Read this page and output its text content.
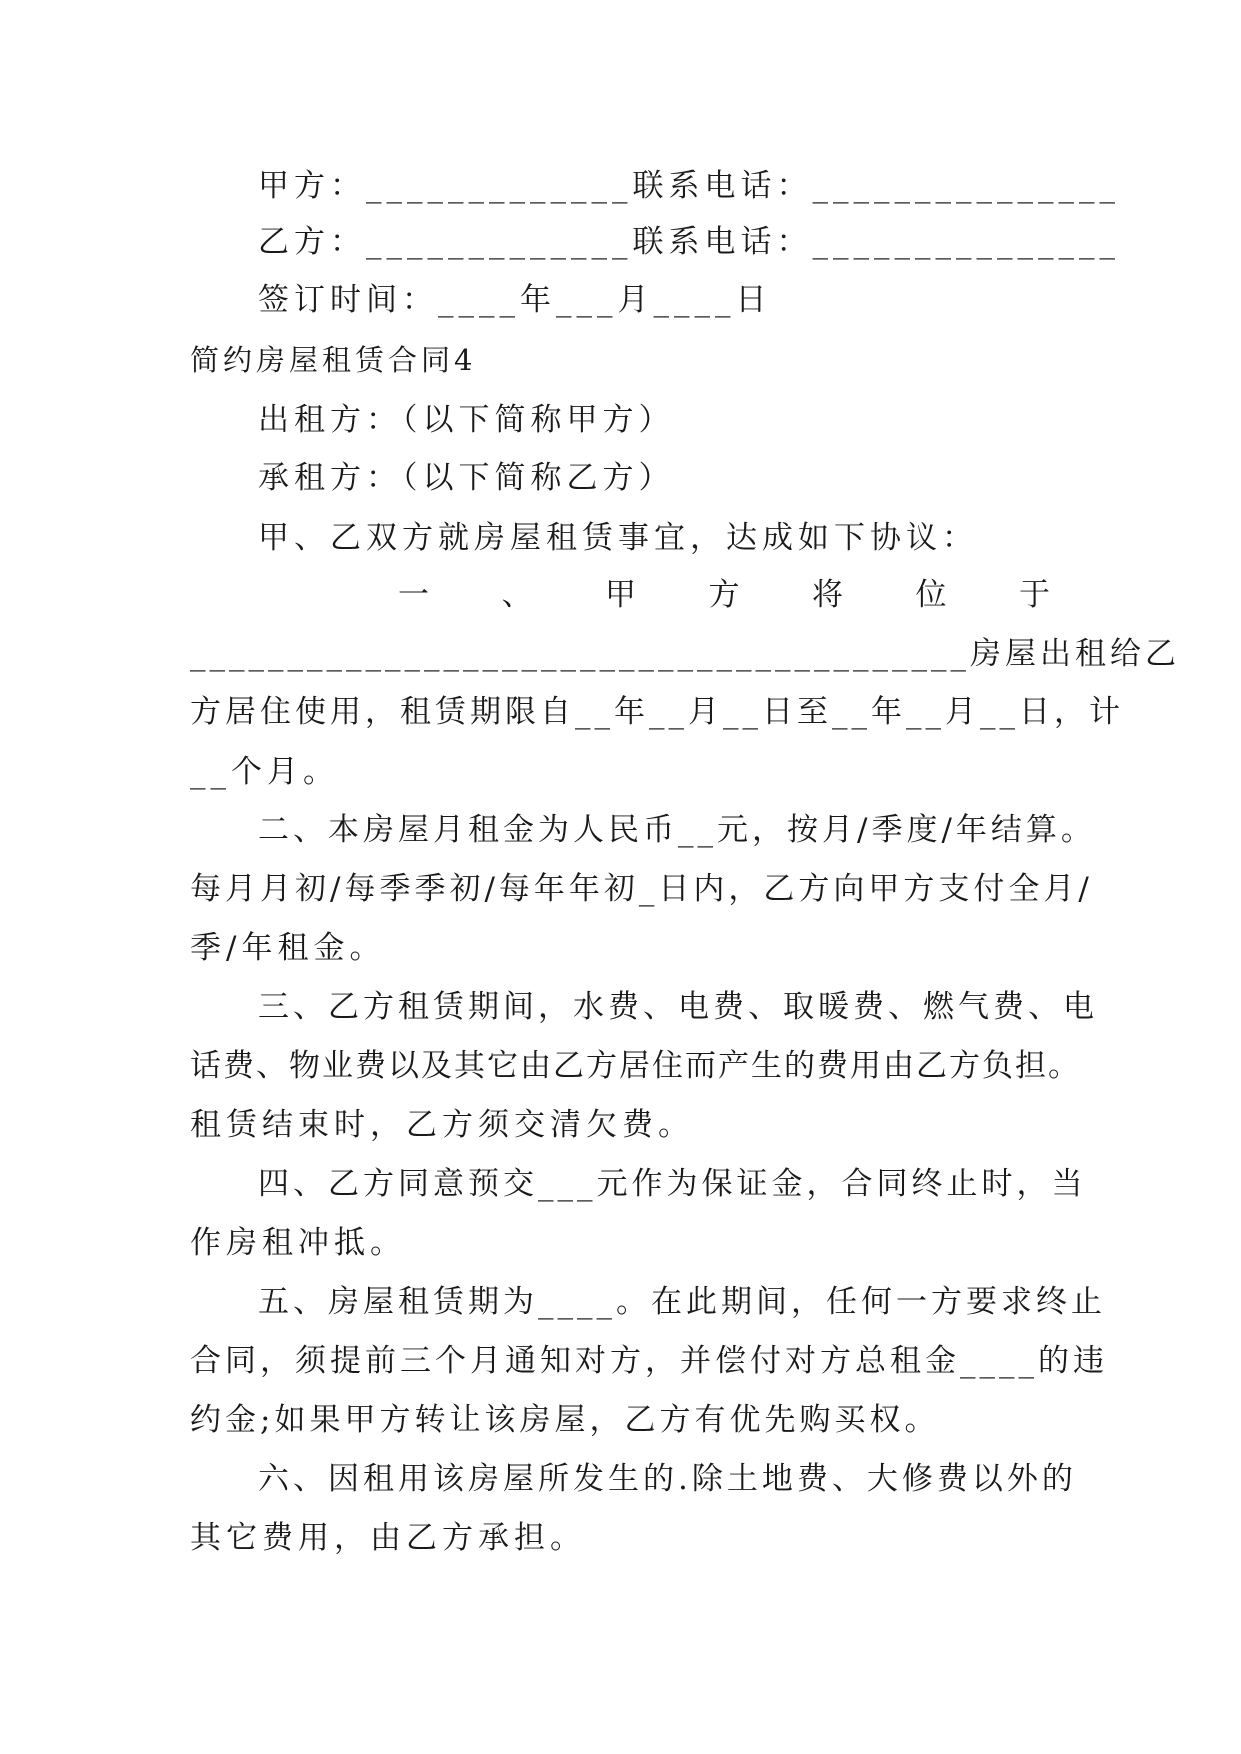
甲方：_____________联系电话：_______________
乙方：_____________联系电话：_______________
签订时间：____年___月____日
简约房屋租赁合同4
出租方：（以下简称甲方）
承租方：（以下简称乙方）
甲、乙双方就房屋租赁事宜，达成如下协议：
一 、 甲 方 将 位 于
________________________________________房屋出租给乙
方居住使用，租赁期限自__年__月__日至__年__月__日，计
__个月。
二、本房屋月租金为人民币__元，按月/季度/年结算。
每月月初/每季季初/每年年初_日内，乙方向甲方支付全月/
季/年租金。
三、乙方租赁期间，水费、电费、取暖费、燃气费、电
话费、物业费以及其它由乙方居住而产生的费用由乙方负担。
租赁结束时，乙方须交清欠费。
四、乙方同意预交___元作为保证金，合同终止时，当
作房租冲抵。
五、房屋租赁期为____。在此期间，任何一方要求终止
合同，须提前三个月通知对方，并偿付对方总租金____的违
约金;如果甲方转让该房屋，乙方有优先购买权。
六、因租用该房屋所发生的.除土地费、大修费以外的
其它费用，由乙方承担。
